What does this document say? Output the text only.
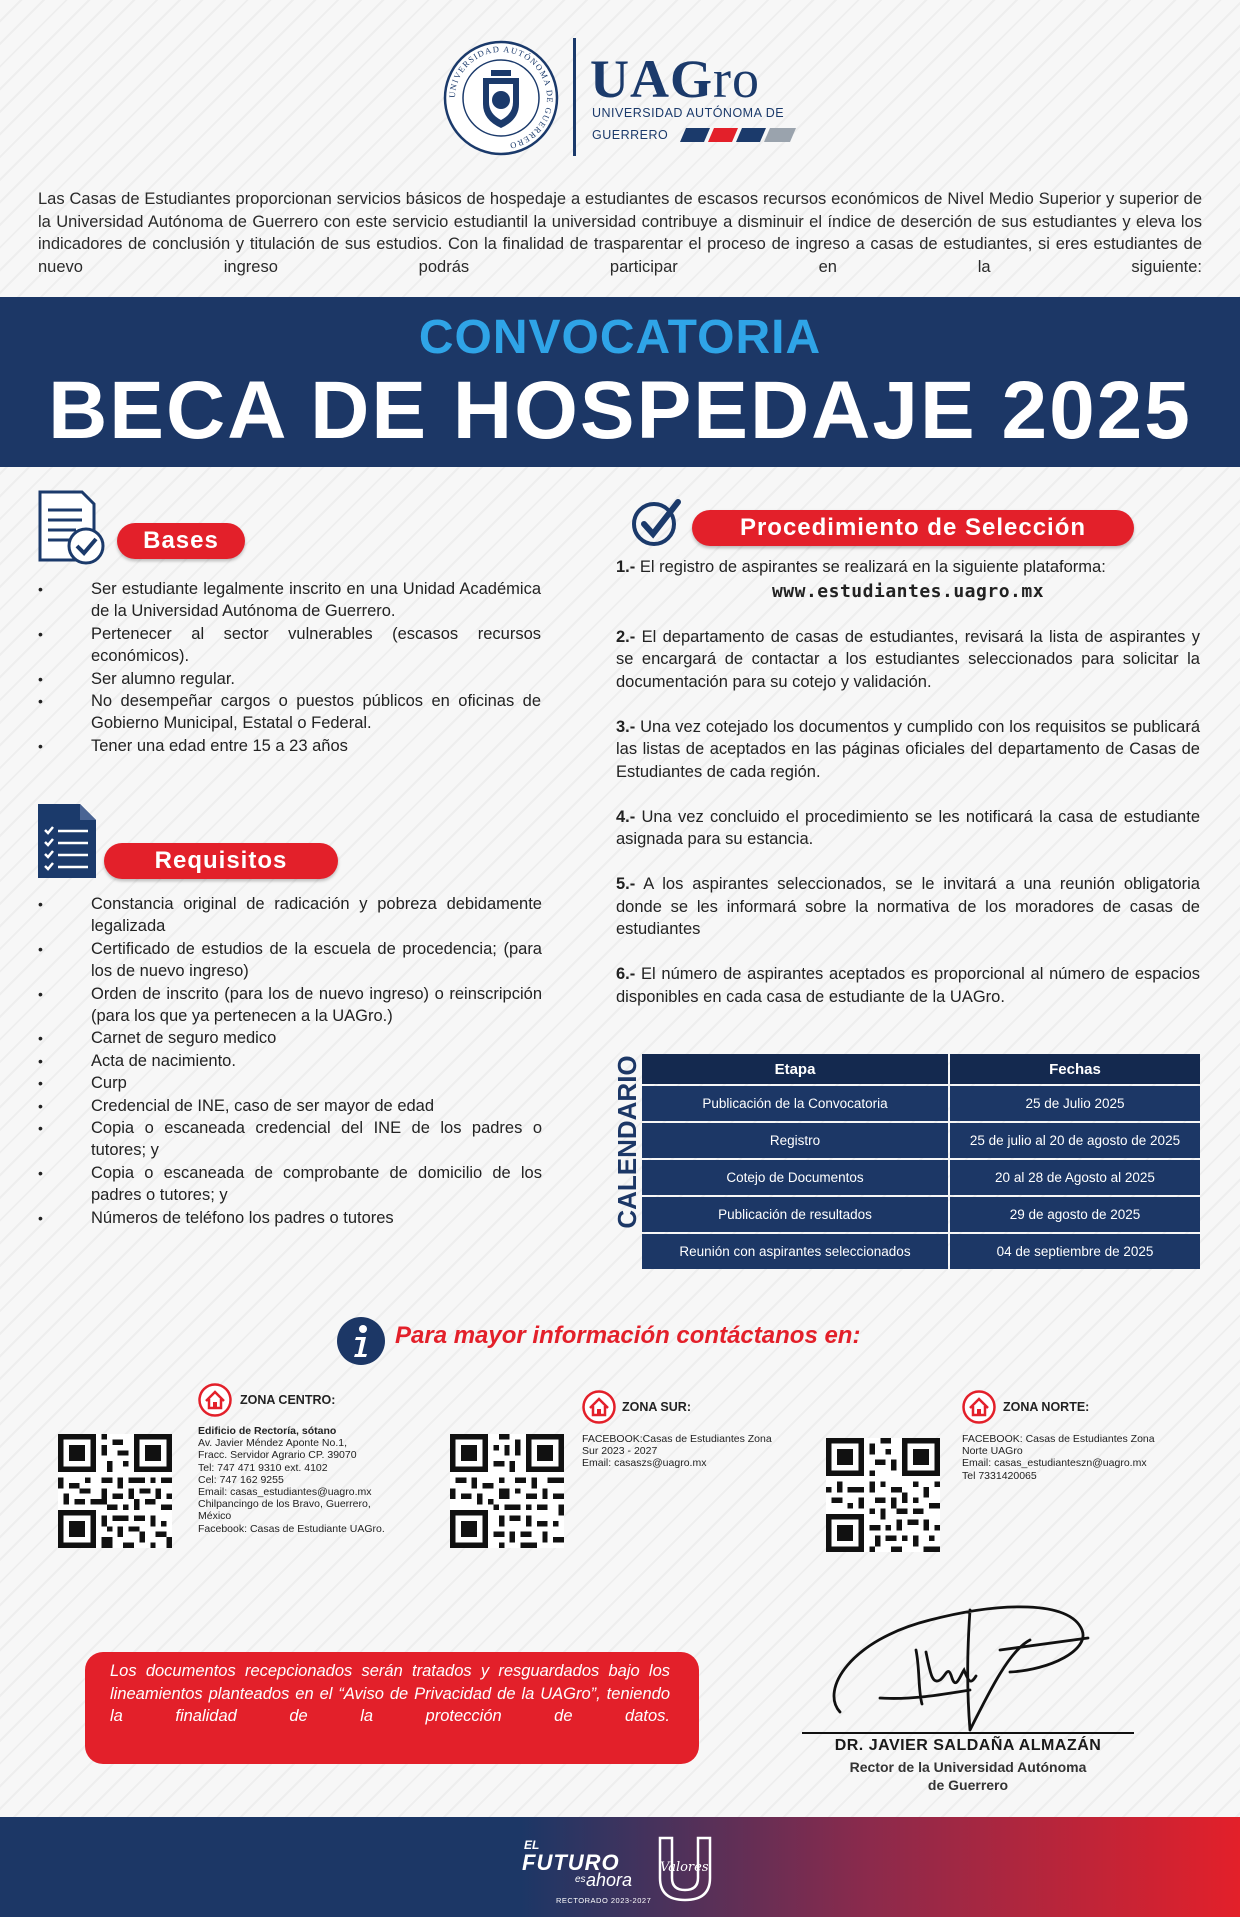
UNIVERSIDAD AUTÓNOMA DE GUERRERO
UAGro
UNIVERSIDAD AUTÓNOMA DE
GUERRERO

Las Casas de Estudiantes proporcionan servicios básicos de hospedaje a estudiantes de escasos recursos económicos de Nivel Medio Superior y superior de la Universidad Autónoma de Guerrero con este servicio estudiantil la universidad contribuye a disminuir el índice de deserción de sus estudiantes y eleva los indicadores de conclusión y titulación de sus estudios. Con la finalidad de trasparentar el proceso de ingreso a casas de estudiantes, si eres estudiantes de nuevo ingreso podrás participar en la siguiente:

CONVOCATORIA
BECA DE HOSPEDAJE 2025
Bases
• Ser estudiante legalmente inscrito en una Unidad Académica de la Universidad Autónoma de Guerrero.
• Pertenecer al sector vulnerables (escasos recursos económicos).
• Ser alumno regular.
• No desempeñar cargos o puestos públicos en oficinas de Gobierno Municipal, Estatal o Federal.
• Tener una edad entre 15 a 23 años
Requisitos
• Constancia original de radicación y pobreza debidamente legalizada
• Certificado de estudios de la escuela de procedencia; (para los de nuevo ingreso)
• Orden de inscrito (para los de nuevo ingreso) o reinscripción (para los que ya pertenecen a la UAGro.)
• Carnet de seguro medico
• Acta de nacimiento.
• Curp
• Credencial de INE, caso de ser mayor de edad
• Copia o escaneada credencial del INE de los padres o tutores; y
• Copia o escaneada de comprobante de domicilio de los padres o tutores; y
• Números de teléfono los padres o tutores
Procedimiento de Selección

1.- El registro de aspirantes se realizará en la siguiente plataforma:

www.estudiantes.uagro.mx

2.- El departamento de casas de estudiantes, revisará la lista de aspirantes y se encargará de contactar a los estudiantes seleccionados para solicitar la documentación para su cotejo y validación.

3.- Una vez cotejado los documentos y cumplido con los requisitos se publicará las listas de aceptados en las páginas oficiales del departamento de Casas de Estudiantes de cada región.

4.- Una vez concluido el procedimiento se les notificará la casa de estudiante asignada para su estancia.

5.- A los aspirantes seleccionados, se le invitará a una reunión obligatoria donde se les informará sobre la normativa de los moradores de casas de estudiantes

6.- El número de aspirantes aceptados es proporcional al número de espacios disponibles en cada casa de estudiante de la UAGro.

CALENDARIO	Etapa	Fechas
Publicación de la Convocatoria	25 de Julio 2025
Registro	25 de julio al 20 de agosto de 2025
Cotejo de Documentos	20 al 28 de Agosto al 2025
Publicación de resultados	29 de agosto de 2025
Reunión con aspirantes seleccionados	04 de septiembre de 2025
Para mayor información contáctanos en:
ZONA CENTRO:
Edificio de Rectoría, sótano
Av. Javier Méndez Aponte No.1,
Fracc. Servidor Agrario CP. 39070
Tel: 747 471 9310 ext. 4102
Cel: 747 162 9255
Email: casas_estudiantes@uagro.mx
Chilpancingo de los Bravo, Guerrero,
México
Facebook: Casas de Estudiante UAGro.
ZONA SUR:
FACEBOOK:Casas de Estudiantes Zona
Sur 2023 - 2027
Email: casaszs@uagro.mx
ZONA NORTE:
FACEBOOK: Casas de Estudiantes Zona
Norte UAGro
Email: casas_estudianteszn@uagro.mx
Tel 7331420065

Los documentos recepcionados serán tratados y resguardados bajo los lineamientos planteados en el “Aviso de Privacidad de la UAGro”, teniendo la finalidad de la protección de datos.

DR. JAVIER SALDAÑA ALMAZÁN
Rector de la Universidad Autónoma
de Guerrero
EL
FUTURO
es ahora
RECTORADO 2023-2027
Valores
